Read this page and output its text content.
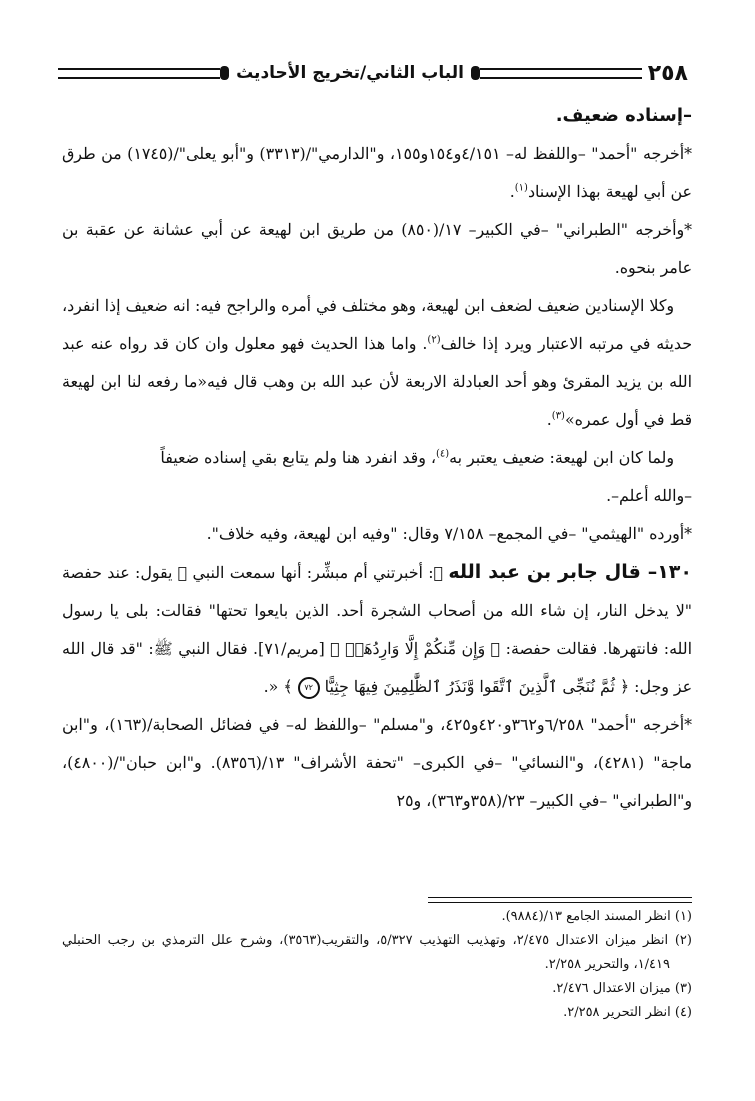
٢٥٨
الباب الثاني/تخريج الأحاديث

–إسناده ضعيف.

*أخرجه "أحمد" –واللفظ له– ٤/١٥١و١٥٤و١٥٥، و"الدارمي"/(٣٣١٣) و"أبو يعلى"/(١٧٤٥) من طرق عن أبي لهيعة بهذا الإسناد$^{(١)}$.

*وأخرجه "الطبراني" –في الكبير– ١٧/(٨٥٠) من طريق ابن لهيعة عن أبي عشانة عن عقبة بن عامر بنحوه.

وكلا الإسنادين ضعيف لضعف ابن لهيعة، وهو مختلف في أمره والراجح فيه: انه ضعيف إذا انفرد، حديثه في مرتبه الاعتبار ويرد إذا خالف$^{(٢)}$. واما هذا الحديث فهو معلول وان كان قد رواه عنه عبد الله بن يزيد المقرئ وهو أحد العبادلة الاربعة لأن عبد الله بن وهب قال فيه«ما رفعه لنا ابن لهيعة قط في أول عمره»$^{(٣)}$.

ولما كان ابن لهيعة: ضعيف يعتبر به$^{(٤)}$، وقد انفرد هنا ولم يتابع بقي إسناده ضعيفاً
–والله أعلم–.

*أورده "الهيثمي" –في المجمع– ٧/١٥٨ وقال: "وفيه ابن لهيعة، وفيه خلاف".

١٣٠– قال جابر بن عبد الله ﷺ: أخبرتني أم مبشِّر: أنها سمعت النبي ﷺ يقول: عند حفصة "لا يدخل النار، إن شاء الله من أصحاب الشجرة أحد. الذين بايعوا تحتها" فقالت: بلى يا رسول الله: فانتهرها. فقالت حفصة: ﴿ وَإِن مِّنكُمْ إِلَّا وَارِدُهَاۚ ﴾ [مريم/٧١]. فقال النبي ﷺ: "قد قال الله عز وجل: ﴿ ثُمَّ نُنَجِّى ٱلَّذِينَ ٱتَّقَوا وَّنَذَرُ ٱلظَّٰلِمِينَ فِيهَا جِثِيًّا ٧٢ ﴾ «.

*أخرجه "أحمد" ٦/٢٥٨و٣٦٢و٤٢٠و٤٢٥، و"مسلم" –واللفظ له– في فضائل الصحابة/(١٦٣)، و"ابن ماجة" (٤٢٨١)، و"النسائي" –في الكبرى– "تحفة الأشراف" ١٣/(٨٣٥٦). و"ابن حبان"/(٤٨٠٠)، و"الطبراني" –في الكبير– ٢٣/(٣٥٨و٣٦٣)، و٢٥

(١) انظر المسند الجامع ١٣/(٩٨٨٤).

(٢) انظر ميزان الاعتدال ٢/٤٧٥، وتهذيب التهذيب ٥/٣٢٧، والتقريب(٣٥٦٣)، وشرح علل الترمذي بن رجب الحنبلي ١/٤١٩، والتحرير ٢/٢٥٨.

(٣) ميزان الاعتدال ٢/٤٧٦.

(٤) انظر التحرير ٢/٢٥٨.
